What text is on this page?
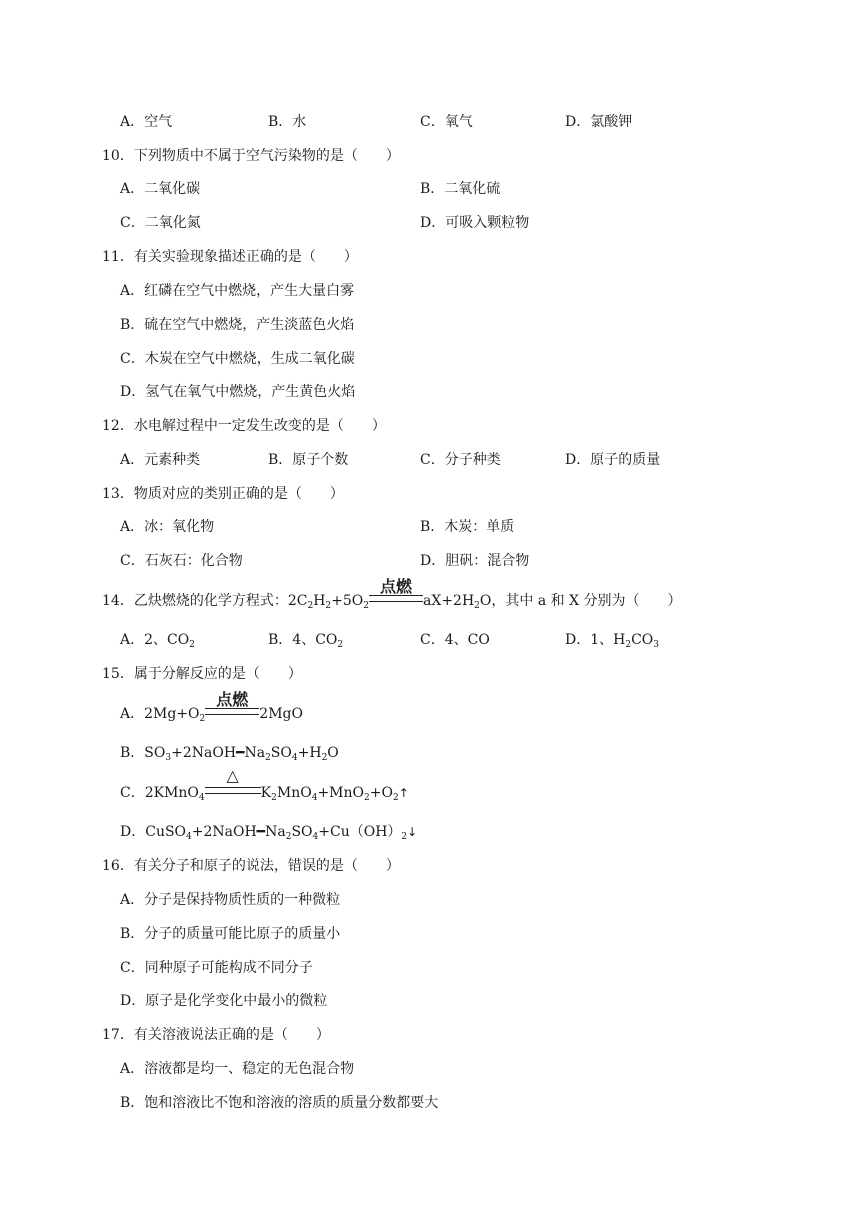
A．空气	B．水	C．氧气	D．氯酸钾
10．下列物质中不属于空气污染物的是（　　）
A．二氧化碳	B．二氧化硫
C．二氧化氮	D．可吸入颗粒物
11．有关实验现象描述正确的是（　　）
A．红磷在空气中燃烧，产生大量白雾
B．硫在空气中燃烧，产生淡蓝色火焰
C．木炭在空气中燃烧，生成二氧化碳
D．氢气在氧气中燃烧，产生黄色火焰
12．水电解过程中一定发生改变的是（　　）
A．元素种类	B．原子个数	C．分子种类	D．原子的质量
13．物质对应的类别正确的是（　　）
A．冰：氧化物	B．木炭：单质
C．石灰石：化合物	D．胆矾：混合物
14．乙炔燃烧的化学方程式：$2C_2H_2+5O_2$
点燃
$aX+2H_2O$，其中 a 和 X 分别为（　　）
A．2、$CO_2$	B．4、$CO_2$	C．4、CO	D．1、$H_2CO_3$
15．属于分解反应的是（　　）
A．$2Mg+O_2$
点燃
2MgO
B．$SO_3+2NaOH━Na_2SO_4+H_2O$
C．2KMnO$_4$
△
$K_2MnO_4+MnO_2+O_2↑$
D．$CuSO_4+2NaOH━Na_2SO_4+Cu(OH)_2↓$
16．有关分子和原子的说法，错误的是（　　）
A．分子是保持物质性质的一种微粒
B．分子的质量可能比原子的质量小
C．同种原子可能构成不同分子
D．原子是化学变化中最小的微粒
17．有关溶液说法正确的是（　　）
A．溶液都是均一、稳定的无色混合物
B．饱和溶液比不饱和溶液的溶质的质量分数都要大
